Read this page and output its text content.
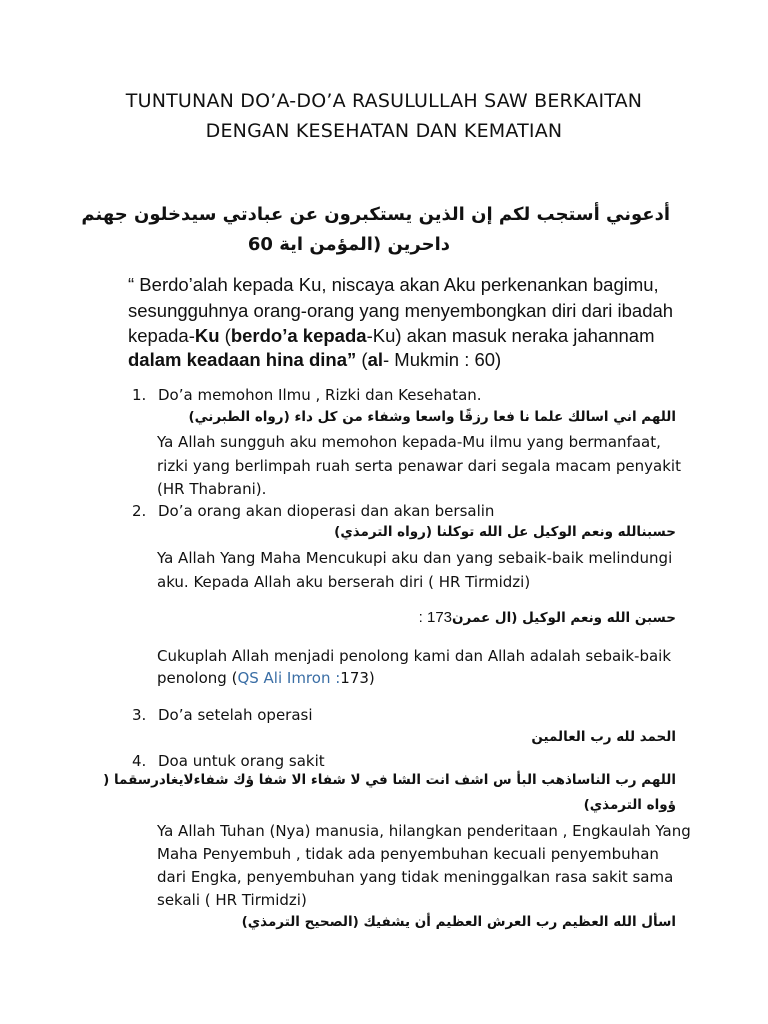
TUNTUNAN DO’A-DO’A RASULULLAH SAW BERKAITAN
DENGAN KESEHATAN DAN KEMATIAN
أدعوني أستجب لكم إن الذين يستكبرون عن عبادتي سيدخلون جهنم
داحرين (المؤمن اية 60
“ Berdo’alah kepada Ku, niscaya akan Aku perkenankan bagimu,
sesungguhnya orang-orang yang menyembongkan diri dari ibadah
kepada-Ku (berdo’a kepada-Ku) akan masuk neraka jahannam
dalam keadaan hina dina” (al- Mukmin : 60)
1. Do’a memohon Ilmu , Rizki dan Kesehatan.
اللهم اني اسالك علما نا فعا رزقًا واسعا وشفاء من كل داء (رواه الطبرني)
Ya Allah sungguh aku memohon kepada-Mu ilmu yang bermanfaat,
rizki yang berlimpah ruah serta penawar dari segala macam penyakit
(HR Thabrani).
2. Do’a orang akan dioperasi dan akan bersalin
حسبنالله ونعم الوكيل عل الله توكلنا (رواه الترمذي)
Ya Allah Yang Maha Mencukupi aku dan yang sebaik-baik melindungi
aku. Kepada Allah aku berserah diri ( HR Tirmidzi)
حسبن الله ونعم الوكيل (ال عمرن173 :
Cukuplah Allah menjadi penolong kami dan Allah adalah sebaik-baik
penolong (QS Ali Imron :173)
3. Do’a setelah operasi
الحمد لله رب العالمين
4. Doa untuk orang sakit
اللهم رب الناساذهب البأ س اشف انت الشا في لا شفاء الا شفا ؤك شفاءلايغادرسقما (
ؤواه الترمذي)
Ya Allah Tuhan (Nya) manusia, hilangkan penderitaan , Engkaulah Yang
Maha Penyembuh , tidak ada penyembuhan kecuali penyembuhan
dari Engka, penyembuhan yang tidak meninggalkan rasa sakit sama
sekali ( HR Tirmidzi)
اسأل الله العظيم رب العرش العظيم أن يشفيك (الصحيح الترمذي)
